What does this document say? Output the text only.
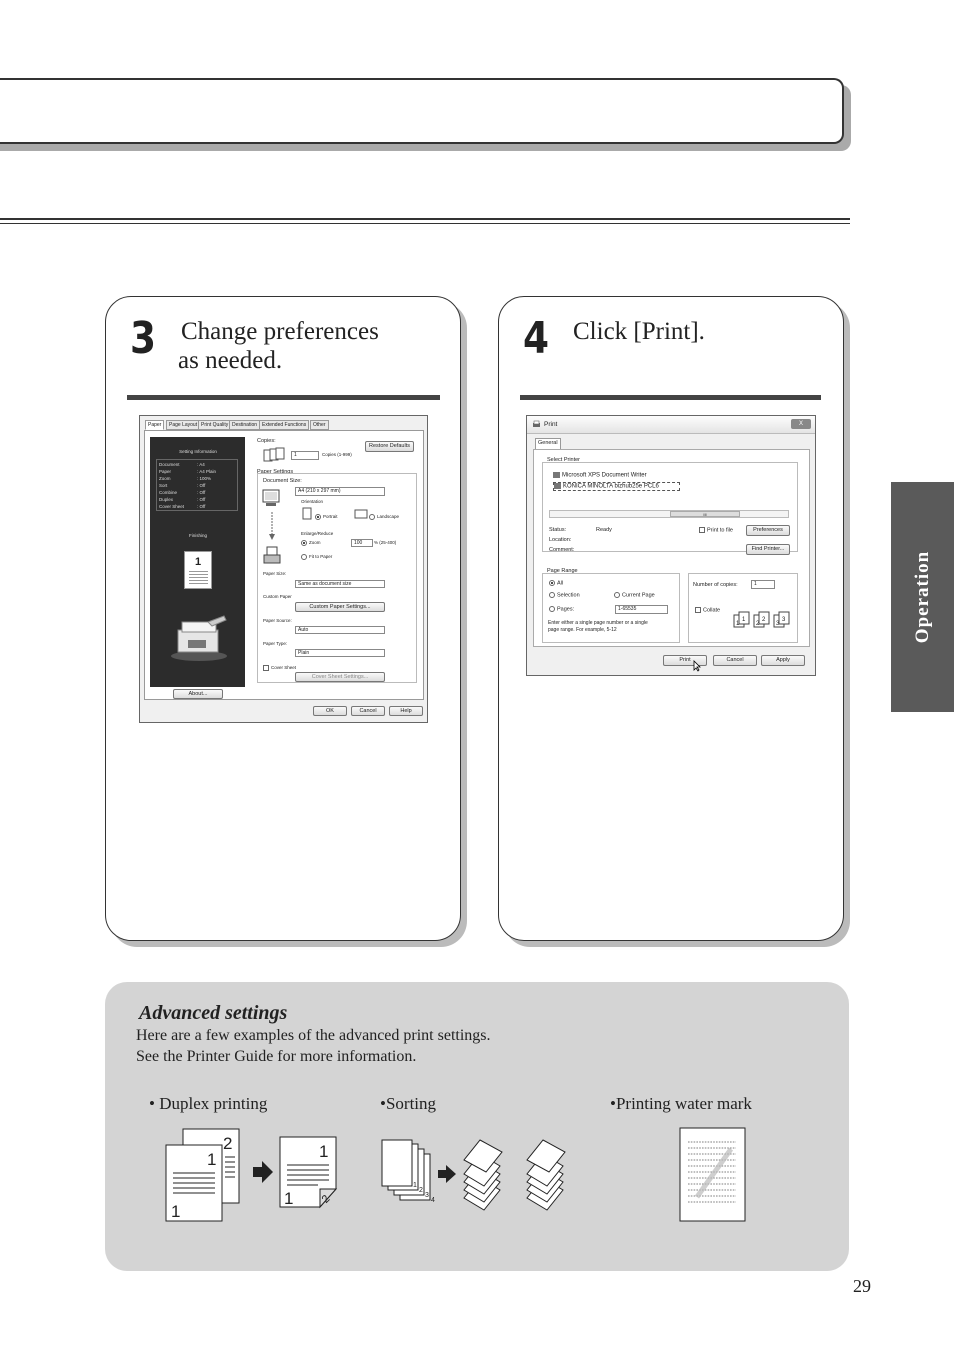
Operation
3 Change preferences
as needed.
Paper	Page Layout Print Quality Destination Extended Functions	Other
Setting Information
Document	: A4
Paper	: A4 Plain
Zoom	: 100%
Sort	: Off
Combine	: Off
Duplex	: Off
Cover Sheet	: Off
Finishing
1
About...
Copies:
1	Copies (1-999)
Restore Defaults
Paper Settings
Document Size:
A4 (210 x 297 mm)
Orientation
Portrait	Landscape
Enlarge/Reduce
Zoom	100	% (25-400)
Fit to Paper
Paper Size:
Same as document size
Custom Paper
Custom Paper Settings...
Paper Source:
Auto
Paper Type:
Plain
Cover Sheet
Cover Sheet Settings...
OK	Cancel	Help
4 Click [Print].
Print	X
General
Select Printer
Microsoft XPS Document Writer
KONICA MINOLTA bizhub25e PCL6
III
Status:	Ready
Location:
Comment:
Print to file	Preferences
Find Printer...
Page Range
All
Selection	Current Page
Pages:	1-65535
Enter either a single page number or a single
page range. For example, 5-12
Number of copies:	1
Collate
1
1
2
2
3
3
Print	Cancel	Apply
Advanced settings
Here are a few examples of the advanced print settings.
See the Printer Guide for more information.
• Duplex printing	•Sorting	•Printing water mark
2
1
1
1
1 2
1
2
3
4
29
